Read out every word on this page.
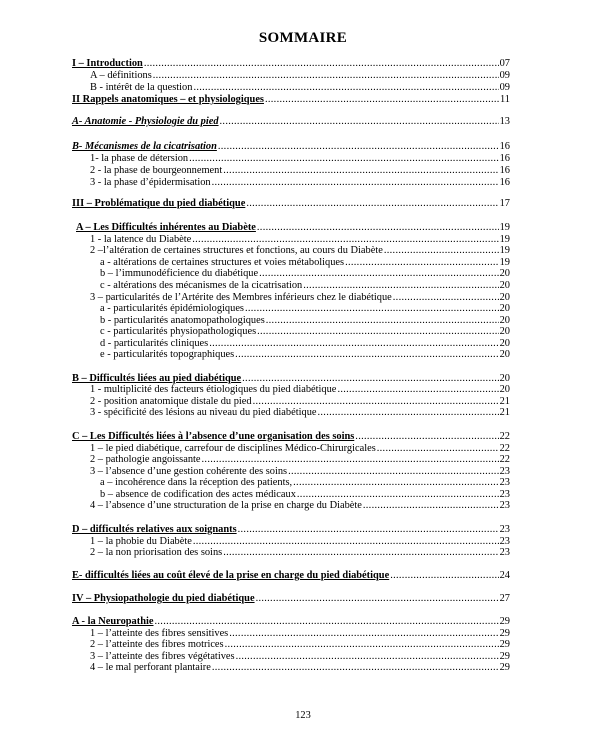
SOMMAIRE
I – Introduction .....	07
A – définitions .....	09
B - intérêt de la question .....	09
II Rappels anatomiques – et physiologiques .....	11
A- Anatomie - Physiologie du pied .....	13
B- Mécanismes de la cicatrisation .....	16
1- la phase de détersion .....	16
2 - la phase de bourgeonnement .....	16
3 - la phase d’épidermisation .....	16
III – Problématique du pied diabétique .....	17
A – Les Difficultés inhérentes au Diabète .....	19
1 - la latence du Diabète .....	19
2 –l’altération de certaines structures et fonctions, au cours du Diabète .....	19
a - altérations de certaines structures et voies métaboliques .....	19
b – l’immunodéficience du diabétique .....	20
c - altérations des mécanismes de la cicatrisation .....	20
3 – particularités de l’Artérite des Membres inférieurs chez le diabétique .....	20
a - particularités épidémiologiques .....	20
b - particularités anatomopathologiques .....	20
c - particularités physiopathologiques .....	20
d - particularités cliniques .....	20
e - particularités topographiques .....	20
B – Difficultés liées au pied diabétique .....	20
1 - multiplicité des facteurs étiologiques du pied diabétique .....	20
2 - position anatomique distale du pied .....	21
3 - spécificité des lésions au niveau du pied diabétique .....	21
C – Les Difficultés liées à l’absence d’une organisation des soins .....	22
1 – le pied diabétique, carrefour de disciplines Médico-Chirurgicales .....	22
2 – pathologie angoissante .....	22
3 – l’absence d’une gestion cohérente des soins .....	23
a – incohérence dans la réception des patients, .....	23
b – absence de codification des actes médicaux .....	23
4 – l’absence d’une structuration de la prise en charge du Diabète .....	23
D – difficultés relatives aux soignants .....	23
1 – la phobie du Diabète .....	23
2 – la non priorisation des soins .....	23
E- difficultés liées au coût élevé de la prise en charge du pied diabétique .....	24
IV – Physiopathologie du pied diabétique .....	27
A - la Neuropathie .....	29
1 – l’atteinte des fibres sensitives .....	29
2 – l’atteinte des fibres motrices .....	29
3 – l’atteinte des fibres végétatives .....	29
4 – le mal perforant plantaire .....	29
123
